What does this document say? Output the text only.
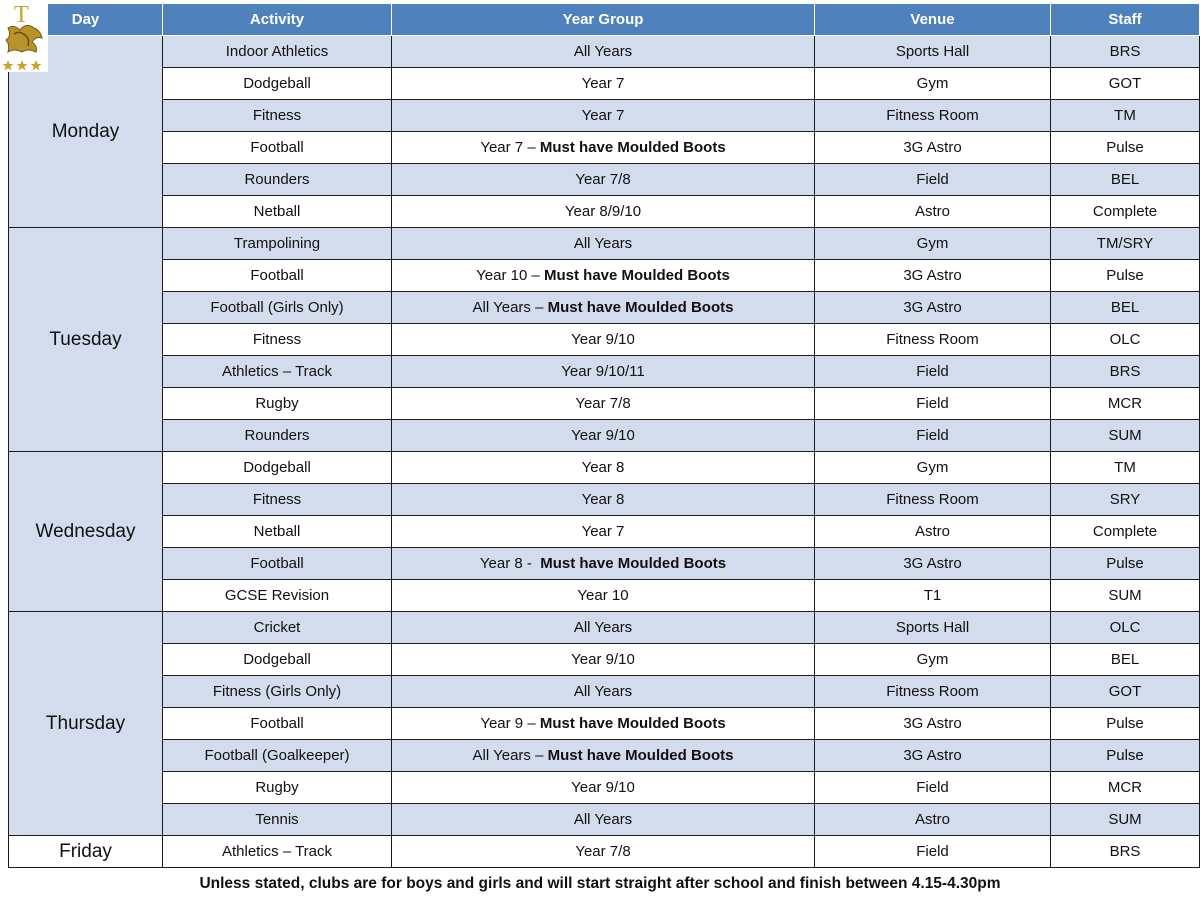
T	Day	Activity	Year Group	Venue	Staff
Monday	Indoor Athletics	All Years	Sports Hall	BRS
	Dodgeball	Year 7	Gym	GOT
	Fitness	Year 7	Fitness Room	TM
	Football	Year 7 – Must have Moulded Boots	3G Astro	Pulse
	Rounders	Year 7/8	Field	BEL
	Netball	Year 8/9/10	Astro	Complete
Tuesday	Trampolining	All Years	Gym	TM/SRY
	Football	Year 10 – Must have Moulded Boots	3G Astro	Pulse
	Football (Girls Only)	All Years – Must have Moulded Boots	3G Astro	BEL
	Fitness	Year 9/10	Fitness Room	OLC
	Athletics – Track	Year 9/10/11	Field	BRS
	Rugby	Year 7/8	Field	MCR
	Rounders	Year 9/10	Field	SUM
Wednesday	Dodgeball	Year 8	Gym	TM
	Fitness	Year 8	Fitness Room	SRY
	Netball	Year 7	Astro	Complete
	Football	Year 8 -  Must have Moulded Boots	3G Astro	Pulse
	GCSE Revision	Year 10	T1	SUM
Thursday	Cricket	All Years	Sports Hall	OLC
	Dodgeball	Year 9/10	Gym	BEL
	Fitness (Girls Only)	All Years	Fitness Room	GOT
	Football	Year 9 – Must have Moulded Boots	3G Astro	Pulse
	Football (Goalkeeper)	All Years – Must have Moulded Boots	3G Astro	Pulse
	Rugby	Year 9/10	Field	MCR
	Tennis	All Years	Astro	SUM
Friday	Athletics – Track	Year 7/8	Field	BRS
Unless stated, clubs are for boys and girls and will start straight after school and finish between 4.15-4.30pm
